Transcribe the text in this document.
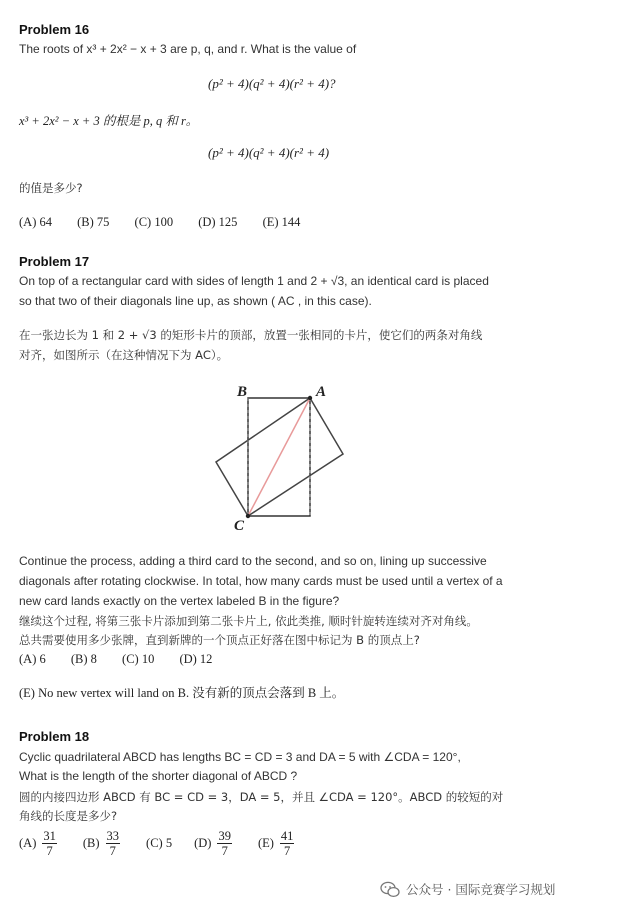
Problem 16
The roots of x³ + 2x² − x + 3 are p, q, and r. What is the value of
(p² + 4)(q² + 4)(r² + 4)?
x³ + 2x² − x + 3 的根是 p, q 和 r。
(p² + 4)(q² + 4)(r² + 4)
的值是多少?
(A) 64 (B) 75 (C) 100 (D) 125 (E) 144
Problem 17
On top of a rectangular card with sides of length 1 and 2 + √3, an identical card is placed
so that two of their diagonals line up, as shown ( AC , in this case).
在一张边长为 1 和 2 + √3 的矩形卡片的顶部，放置一张相同的卡片，使它们的两条对角线
对齐，如图所示（在这种情况下为 AC）。
A
B
C
Continue the process, adding a third card to the second, and so on, lining up successive
diagonals after rotating clockwise. In total, how many cards must be used until a vertex of a
new card lands exactly on the vertex labeled B in the figure?
继续这个过程, 将第三张卡片添加到第二张卡片上, 依此类推, 顺时针旋转连续对齐对角线。
总共需要使用多少张牌，直到新牌的一个顶点正好落在图中标记为 B 的顶点上?
(A) 6 (B) 8 (C) 10 (D) 12
(E) No new vertex will land on B. 没有新的顶点会落到 B 上。
Problem 18
Cyclic quadrilateral ABCD has lengths BC = CD = 3 and DA = 5 with ∠CDA = 120°,
What is the length of the shorter diagonal of ABCD ?
圆的内接四边形 ABCD 有 BC = CD = 3，DA = 5，并且 ∠CDA = 120°。ABCD 的较短的对
角线的长度是多少?
$(A) \frac{31}{7} (B) \frac{33}{7} (C)$ 5 $(D) \frac{39}{7} (E) \frac{41}{7}$
公众号 · 国际竞赛学习规划
